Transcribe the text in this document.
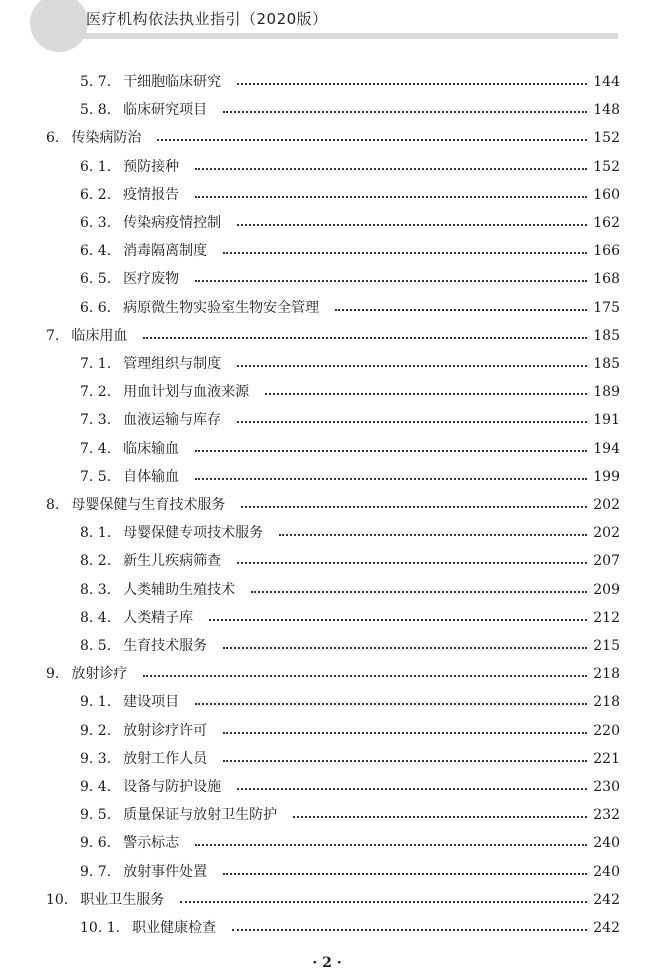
医疗机构依法执业指引（2020版）
5. 7. 干细胞临床研究	144
5. 8. 临床研究项目	148
6. 传染病防治	152
6. 1. 预防接种	152
6. 2. 疫情报告	160
6. 3. 传染病疫情控制	162
6. 4. 消毒隔离制度	166
6. 5. 医疗废物	168
6. 6. 病原微生物实验室生物安全管理	175
7. 临床用血	185
7. 1. 管理组织与制度	185
7. 2. 用血计划与血液来源	189
7. 3. 血液运输与库存	191
7. 4. 临床输血	194
7. 5. 自体输血	199
8. 母婴保健与生育技术服务	202
8. 1. 母婴保健专项技术服务	202
8. 2. 新生儿疾病筛查	207
8. 3. 人类辅助生殖技术	209
8. 4. 人类精子库	212
8. 5. 生育技术服务	215
9. 放射诊疗	218
9. 1. 建设项目	218
9. 2. 放射诊疗许可	220
9. 3. 放射工作人员	221
9. 4. 设备与防护设施	230
9. 5. 质量保证与放射卫生防护	232
9. 6. 警示标志	240
9. 7. 放射事件处置	240
10. 职业卫生服务	242
10. 1. 职业健康检查	242
· 2 ·
